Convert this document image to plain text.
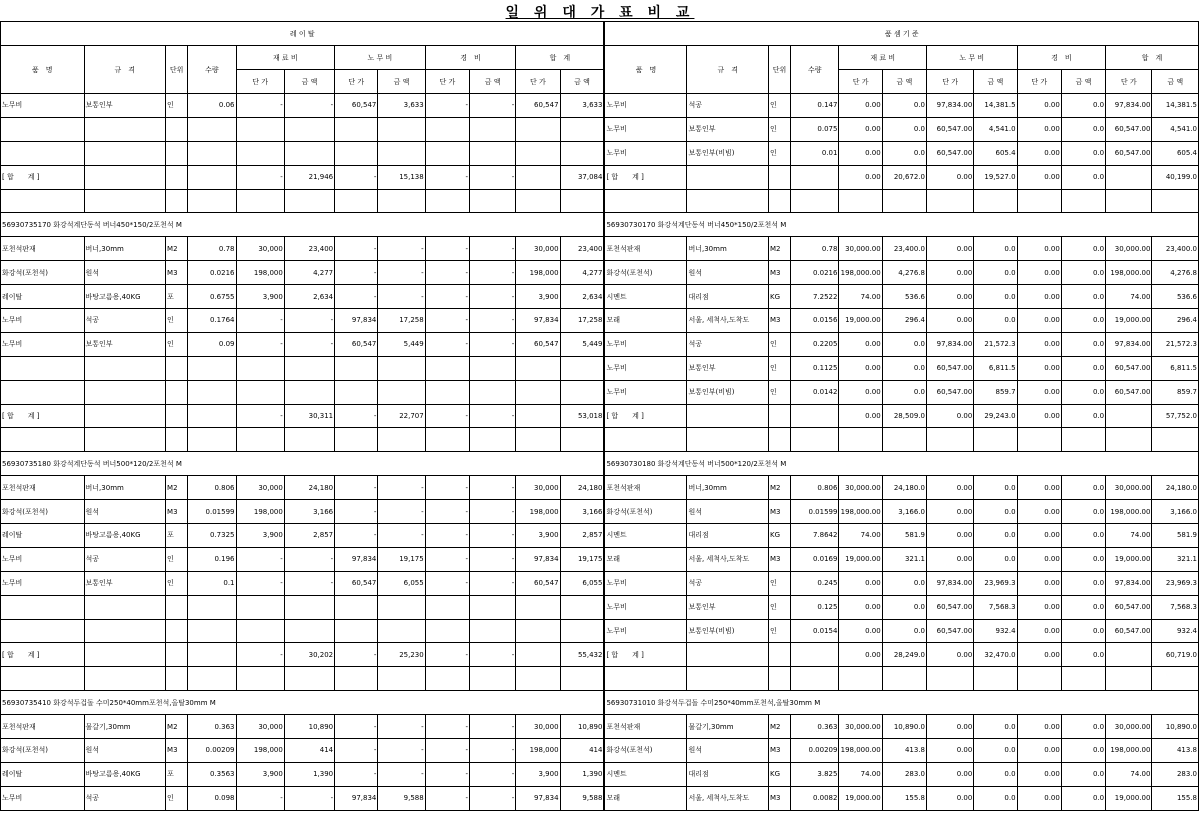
일 위 대 가 표 비 교
레 이 탈												품 셈 기 준											
품　명	규　격	단위	수량	재 료 비		노 무 비		경　비		합　계		품　명	규　격	단위	수량	재 료 비		노 무 비		경　비		합　계	
				단 가	금 액	단 가	금 액	단 가	금 액	단 가	금 액					단 가	금 액	단 가	금 액	단 가	금 액	단 가	금 액
노무비	보통인부	인	0.06	-	-	60,547	3,633	-	-	60,547	3,633	노무비	석공	인	0.147	0.00	0.0	97,834.00	14,381.5	0.00	0.0	97,834.00	14,381.5
												노무비	보통인부	인	0.075	0.00	0.0	60,547.00	4,541.0	0.00	0.0	60,547.00	4,541.0
												노무비	보통인부(비빔)	인	0.01	0.00	0.0	60,547.00	605.4	0.00	0.0	60,547.00	605.4
[ 합　　계 ]				-	21,946	-	15,138	-	-		37,084	[ 합　　계 ]				0.00	20,672.0	0.00	19,527.0	0.00	0.0		40,199.0

56930735170 화강석계단동석 버너450*150/2포천석 M												56930730170 화강석계단동석 버너450*150/2포천석 M											
포천석판재	버너,30mm	M2	0.78	30,000	23,400	-	-	-	-	30,000	23,400	포천석판재	버너,30mm	M2	0.78	30,000.00	23,400.0	0.00	0.0	0.00	0.0	30,000.00	23,400.0
화강석(포천석)	원석	M3	0.0216	198,000	4,277	-	-	-	-	198,000	4,277	화강석(포천석)	원석	M3	0.0216	198,000.00	4,276.8	0.00	0.0	0.00	0.0	198,000.00	4,276.8
레이탈	바탕고름용,40KG	포	0.6755	3,900	2,634	-	-	-	-	3,900	2,634	시멘트	대리점	KG	7.2522	74.00	536.6	0.00	0.0	0.00	0.0	74.00	536.6
노무비	석공	인	0.1764	-	-	97,834	17,258	-	-	97,834	17,258	모래	서울, 세척사,도착도	M3	0.0156	19,000.00	296.4	0.00	0.0	0.00	0.0	19,000.00	296.4
노무비	보통인부	인	0.09	-	-	60,547	5,449	-	-	60,547	5,449	노무비	석공	인	0.2205	0.00	0.0	97,834.00	21,572.3	0.00	0.0	97,834.00	21,572.3
												노무비	보통인부	인	0.1125	0.00	0.0	60,547.00	6,811.5	0.00	0.0	60,547.00	6,811.5
												노무비	보통인부(비빔)	인	0.0142	0.00	0.0	60,547.00	859.7	0.00	0.0	60,547.00	859.7
[ 합　　계 ]				-	30,311	-	22,707	-	-		53,018	[ 합　　계 ]				0.00	28,509.0	0.00	29,243.0	0.00	0.0		57,752.0

56930735180 화강석계단동석 버너500*120/2포천석 M												56930730180 화강석계단동석 버너500*120/2포천석 M											
포천석판재	버너,30mm	M2	0.806	30,000	24,180	-	-	-	-	30,000	24,180	포천석판재	버너,30mm	M2	0.806	30,000.00	24,180.0	0.00	0.0	0.00	0.0	30,000.00	24,180.0
화강석(포천석)	원석	M3	0.01599	198,000	3,166	-	-	-	-	198,000	3,166	화강석(포천석)	원석	M3	0.01599	198,000.00	3,166.0	0.00	0.0	0.00	0.0	198,000.00	3,166.0
레이탈	바탕고름용,40KG	포	0.7325	3,900	2,857	-	-	-	-	3,900	2,857	시멘트	대리점	KG	7.8642	74.00	581.9	0.00	0.0	0.00	0.0	74.00	581.9
노무비	석공	인	0.196	-	-	97,834	19,175	-	-	97,834	19,175	모래	서울, 세척사,도착도	M3	0.0169	19,000.00	321.1	0.00	0.0	0.00	0.0	19,000.00	321.1
노무비	보통인부	인	0.1	-	-	60,547	6,055	-	-	60,547	6,055	노무비	석공	인	0.245	0.00	0.0	97,834.00	23,969.3	0.00	0.0	97,834.00	23,969.3
												노무비	보통인부	인	0.125	0.00	0.0	60,547.00	7,568.3	0.00	0.0	60,547.00	7,568.3
												노무비	보통인부(비빔)	인	0.0154	0.00	0.0	60,547.00	932.4	0.00	0.0	60,547.00	932.4
[ 합　　계 ]				-	30,202	-	25,230	-	-		55,432	[ 합　　계 ]				0.00	28,249.0	0.00	32,470.0	0.00	0.0		60,719.0

56930735410 화강석두겁돌 수미250*40mm포천석,올탈30mm M												56930731010 화강석두겁돌 수미250*40mm포천석,올탈30mm M											
포천석판재	물갈기,30mm	M2	0.363	30,000	10,890	-	-	-	-	30,000	10,890	포천석판재	물갈기,30mm	M2	0.363	30,000.00	10,890.0	0.00	0.0	0.00	0.0	30,000.00	10,890.0
화강석(포천석)	원석	M3	0.00209	198,000	414	-	-	-	-	198,000	414	화강석(포천석)	원석	M3	0.00209	198,000.00	413.8	0.00	0.0	0.00	0.0	198,000.00	413.8
레이탈	바탕고름용,40KG	포	0.3563	3,900	1,390	-	-	-	-	3,900	1,390	시멘트	대리점	KG	3.825	74.00	283.0	0.00	0.0	0.00	0.0	74.00	283.0
노무비	석공	인	0.098	-	-	97,834	9,588	-	-	97,834	9,588	모래	서울, 세척사,도착도	M3	0.0082	19,000.00	155.8	0.00	0.0	0.00	0.0	19,000.00	155.8
